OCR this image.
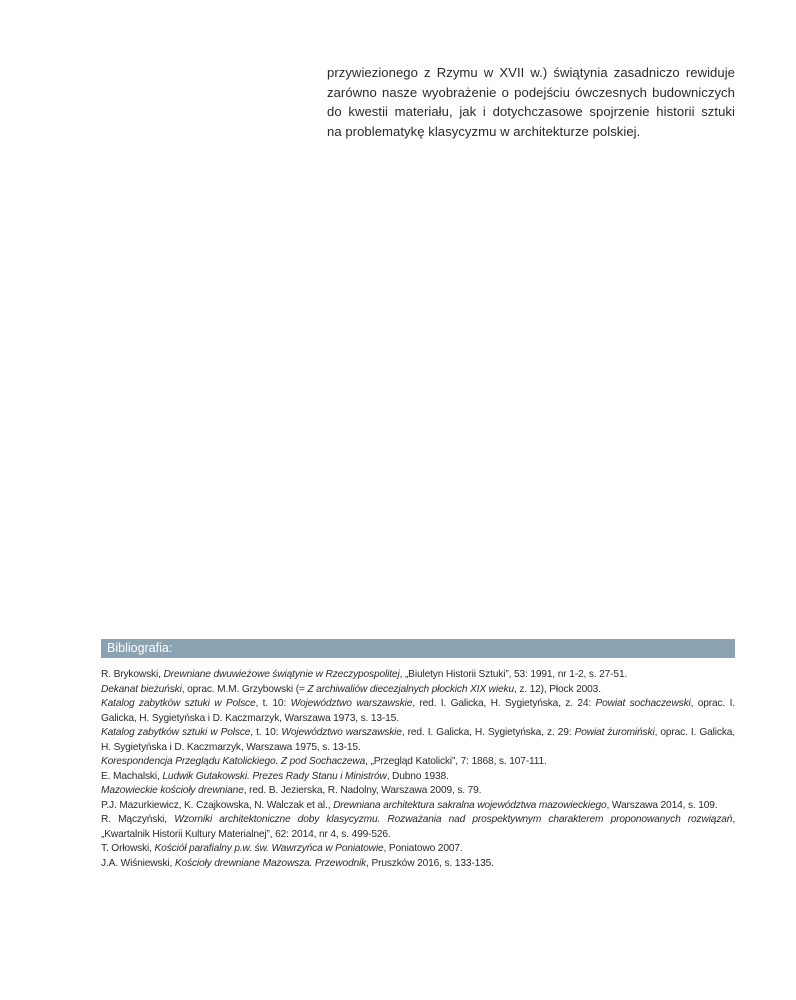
przywiezionego z Rzymu w XVII w.) świątynia zasadniczo rewiduje
zarówno nasze wyobrażenie o podejściu ówczesnych budowniczych
do kwestii materiału, jak i dotychczasowe spojrzenie historii sztuki
na problematykę klasycyzmu w architekturze polskiej.
Bibliografia:
R. Brykowski, Drewniane dwuwieżowe świątynie w Rzeczypospolitej, „Biuletyn Historii Sztuki”, 53: 1991, nr 1-2, s. 27-51.
Dekanat bieżuński, oprac. M.M. Grzybowski (= Z archiwaliów diecezjalnych płockich XIX wieku, z. 12), Płock 2003.
Katalog zabytków sztuki w Polsce, t. 10: Województwo warszawskie, red. I. Galicka, H. Sygietyńska, z. 24: Powiat sochaczewski, oprac. I. Galicka, H. Sygietyńska i D. Kaczmarzyk, Warszawa 1973, s. 13-15.
Katalog zabytków sztuki w Polsce, t. 10: Województwo warszawskie, red. I. Galicka, H. Sygietyńska, z. 29: Powiat żuromiński, oprac. I. Galicka, H. Sygietyńska i D. Kaczmarzyk, Warszawa 1975, s. 13-15.
Korespondencja Przeglądu Katolickiego. Z pod Sochaczewa, „Przegląd Katolicki”, 7: 1868, s. 107-111.
E. Machalski, Ludwik Gutakowski. Prezes Rady Stanu i Ministrów, Dubno 1938.
Mazowieckie kościoły drewniane, red. B. Jezierska, R. Nadolny, Warszawa 2009, s. 79.
P.J. Mazurkiewicz, K. Czajkowska, N. Walczak et al., Drewniana architektura sakralna województwa mazowieckiego, Warszawa 2014, s. 109.
R. Mączyński, Wzorniki architektoniczne doby klasycyzmu. Rozważania nad prospektywnym charakterem proponowanych rozwiązań, „Kwartalnik Historii Kultury Materialnej”, 62: 2014, nr 4, s. 499-526.
T. Orłowski, Kościół parafialny p.w. św. Wawrzyńca w Poniatowie, Poniatowo 2007.
J.A. Wiśniewski, Kościoły drewniane Mazowsza. Przewodnik, Pruszków 2016, s. 133-135.
